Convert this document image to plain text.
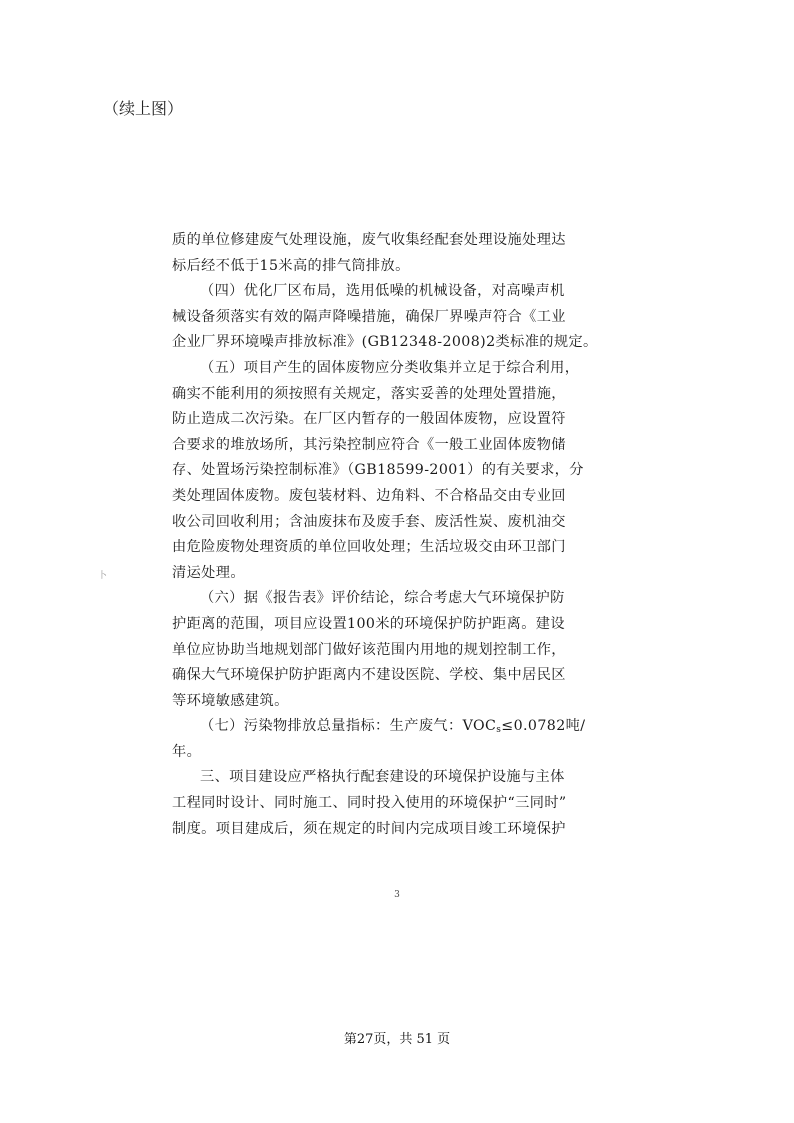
（续上图）
卜
质的单位修建废气处理设施，废气收集经配套处理设施处理达
标后经不低于15米高的排气筒排放。
（四）优化厂区布局，选用低噪的机械设备，对高噪声机
械设备须落实有效的隔声降噪措施，确保厂界噪声符合《工业
企业厂界环境噪声排放标准》(GB12348-2008)2类标准的规定。
（五）项目产生的固体废物应分类收集并立足于综合利用，
确实不能利用的须按照有关规定，落实妥善的处理处置措施，
防止造成二次污染。在厂区内暂存的一般固体废物，应设置符
合要求的堆放场所，其污染控制应符合《一般工业固体废物储
存、处置场污染控制标准》（GB18599-2001）的有关要求，分
类处理固体废物。废包装材料、边角料、不合格品交由专业回
收公司回收利用；含油废抹布及废手套、废活性炭、废机油交
由危险废物处理资质的单位回收处理；生活垃圾交由环卫部门
清运处理。
（六）据《报告表》评价结论，综合考虑大气环境保护防
护距离的范围，项目应设置100米的环境保护防护距离。建设
单位应协助当地规划部门做好该范围内用地的规划控制工作，
确保大气环境保护防护距离内不建设医院、学校、集中居民区
等环境敏感建筑。
（七）污染物排放总量指标：生产废气：$VOC_s\le 0.0782$吨/
年。
三、项目建设应严格执行配套建设的环境保护设施与主体
工程同时设计、同时施工、同时投入使用的环境保护“三同时”
制度。项目建成后，须在规定的时间内完成项目竣工环境保护
3
第27页，共 51 页
